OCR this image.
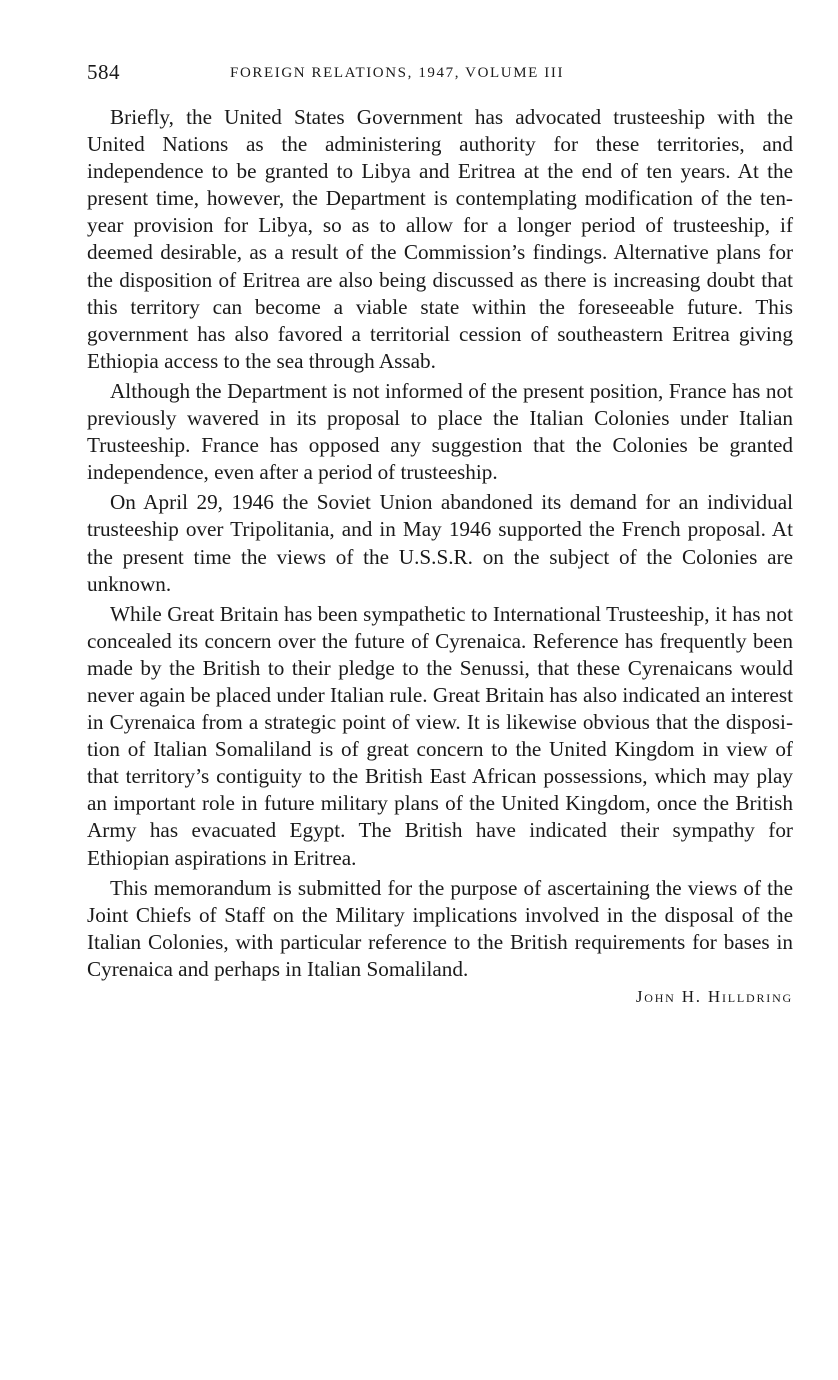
584	FOREIGN RELATIONS, 1947, VOLUME III

Briefly, the United States Government has advocated trusteeship with the United Nations as the administering authority for these territories, and independence to be granted to Libya and Eritrea at the end of ten years. At the present time, however, the Department is contemplating modification of the ten-year provision for Libya, so as to allow for a longer period of trusteeship, if deemed desirable, as a result of the Commission’s findings. Alternative plans for the disposition of Eritrea are also being discussed as there is increasing doubt that this territory can become a viable state within the foreseeable future. This government has also favored a territorial cession of southeastern Eritrea giving Ethiopia access to the sea through Assab.

Although the Department is not informed of the present position, France has not previously wavered in its proposal to place the Italian Colonies under Italian Trusteeship. France has opposed any suggestion that the Colonies be granted independence, even after a period of trusteeship.

On April 29, 1946 the Soviet Union abandoned its demand for an individual trusteeship over Tripolitania, and in May 1946 supported the French proposal. At the present time the views of the U.S.S.R. on the subject of the Colonies are unknown.

While Great Britain has been sympathetic to International Trusteeship, it has not concealed its concern over the future of Cyrenaica. Reference has frequently been made by the British to their pledge to the Senussi, that these Cyrenaicans would never again be placed under Italian rule. Great Britain has also indicated an interest in Cyrenaica from a strategic point of view. It is likewise obvious that the disposition of Italian Somaliland is of great concern to the United Kingdom in view of that territory’s contiguity to the British East African possessions, which may play an important role in future military plans of the United Kingdom, once the British Army has evacuated Egypt. The British have indicated their sympathy for Ethiopian aspirations in Eritrea.

This memorandum is submitted for the purpose of ascertaining the views of the Joint Chiefs of Staff on the Military implications involved in the disposal of the Italian Colonies, with particular reference to the British requirements for bases in Cyrenaica and perhaps in Italian Somaliland.

John H. Hilldring
